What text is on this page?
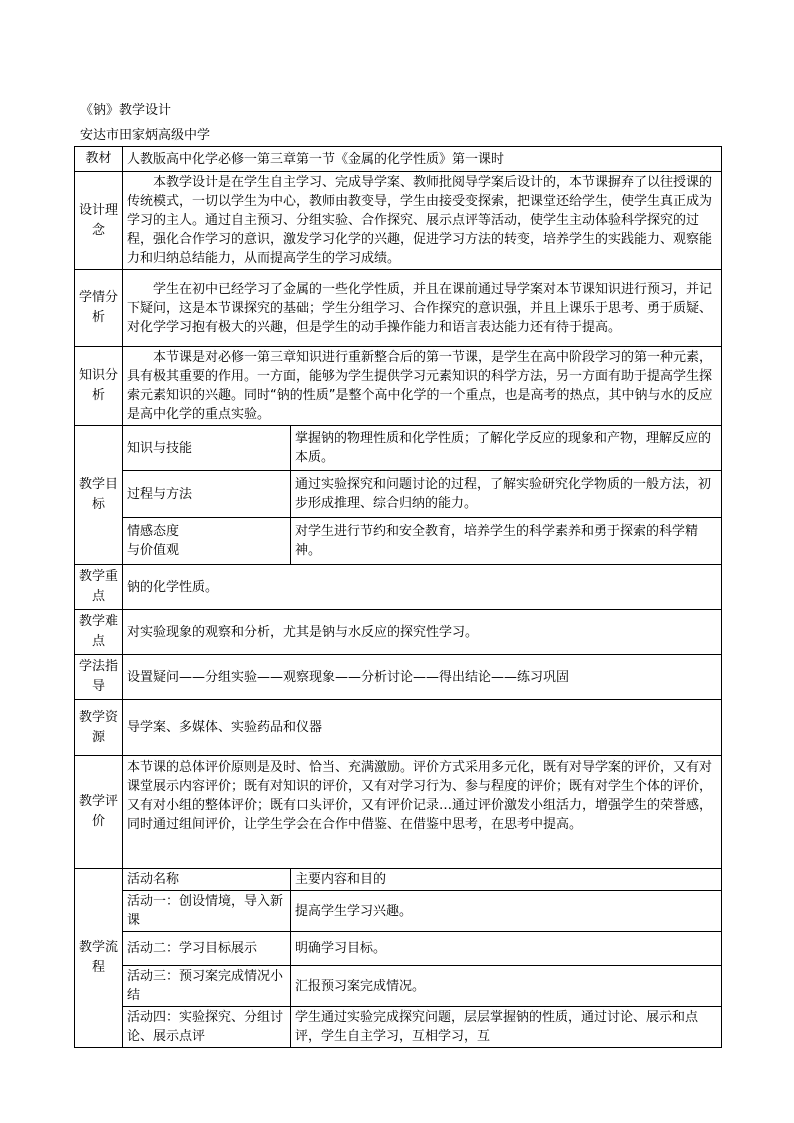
《钠》教学设计
安达市田家炳高级中学
教材	人教版高中化学必修一第三章第一节《金属的化学性质》第一课时	
设计理念	本教学设计是在学生自主学习、完成导学案、教师批阅导学案后设计的，本节课摒弃了以往授课的传统模式，一切以学生为中心，教师由教变导，学生由接受变探索，把课堂还给学生，使学生真正成为学习的主人。通过自主预习、分组实验、合作探究、展示点评等活动，使学生主动体验科学探究的过程，强化合作学习的意识，激发学习化学的兴趣，促进学习方法的转变，培养学生的实践能力、观察能力和归纳总结能力，从而提高学生的学习成绩。	
学情分析	学生在初中已经学习了金属的一些化学性质，并且在课前通过导学案对本节课知识进行预习，并记下疑问，这是本节课探究的基础；学生分组学习、合作探究的意识强，并且上课乐于思考、勇于质疑、对化学学习抱有极大的兴趣，但是学生的动手操作能力和语言表达能力还有待于提高。	
知识分析	本节课是对必修一第三章知识进行重新整合后的第一节课，是学生在高中阶段学习的第一种元素，具有极其重要的作用。一方面，能够为学生提供学习元素知识的科学方法，另一方面有助于提高学生探索元素知识的兴趣。同时“钠的性质”是整个高中化学的一个重点，也是高考的热点，其中钠与水的反应是高中化学的重点实验。	
教学目标	知识与技能	掌握钠的物理性质和化学性质；了解化学反应的现象和产物，理解反应的本质。
	过程与方法	通过实验探究和问题讨论的过程，了解实验研究化学物质的一般方法，初步形成推理、综合归纳的能力。

	情感态度与价值观	对学生进行节约和安全教育，培养学生的科学素养和勇于探索的科学精神。
教学重点	钠的化学性质。	
教学难点	对实验现象的观察和分析，尤其是钠与水反应的探究性学习。	
学法指导	设置疑问——分组实验——观察现象——分析讨论——得出结论——练习巩固	
教学资源	导学案、多媒体、实验药品和仪器	
教学评价	本节课的总体评价原则是及时、恰当、充满激励。评价方式采用多元化，既有对导学案的评价，又有对课堂展示内容评价；既有对知识的评价，又有对学习行为、参与程度的评价；既有对学生个体的评价，又有对小组的整体评价；既有口头评价，又有评价记录…通过评价激发小组活力，增强学生的荣誉感，同时通过组间评价，让学生学会在合作中借鉴、在借鉴中思考，在思考中提高。	
教学流程	活动名称	主要内容和目的
	活动一：创设情境，导入新课	提高学生学习兴趣。
	活动二：学习目标展示	明确学习目标。
	活动三：预习案完成情况小结	汇报预习案完成情况。
	活动四：实验探究、分组讨论、展示点评	学生通过实验完成探究问题，层层掌握钠的性质，通过讨论、展示和点评，学生自主学习，互相学习，互
